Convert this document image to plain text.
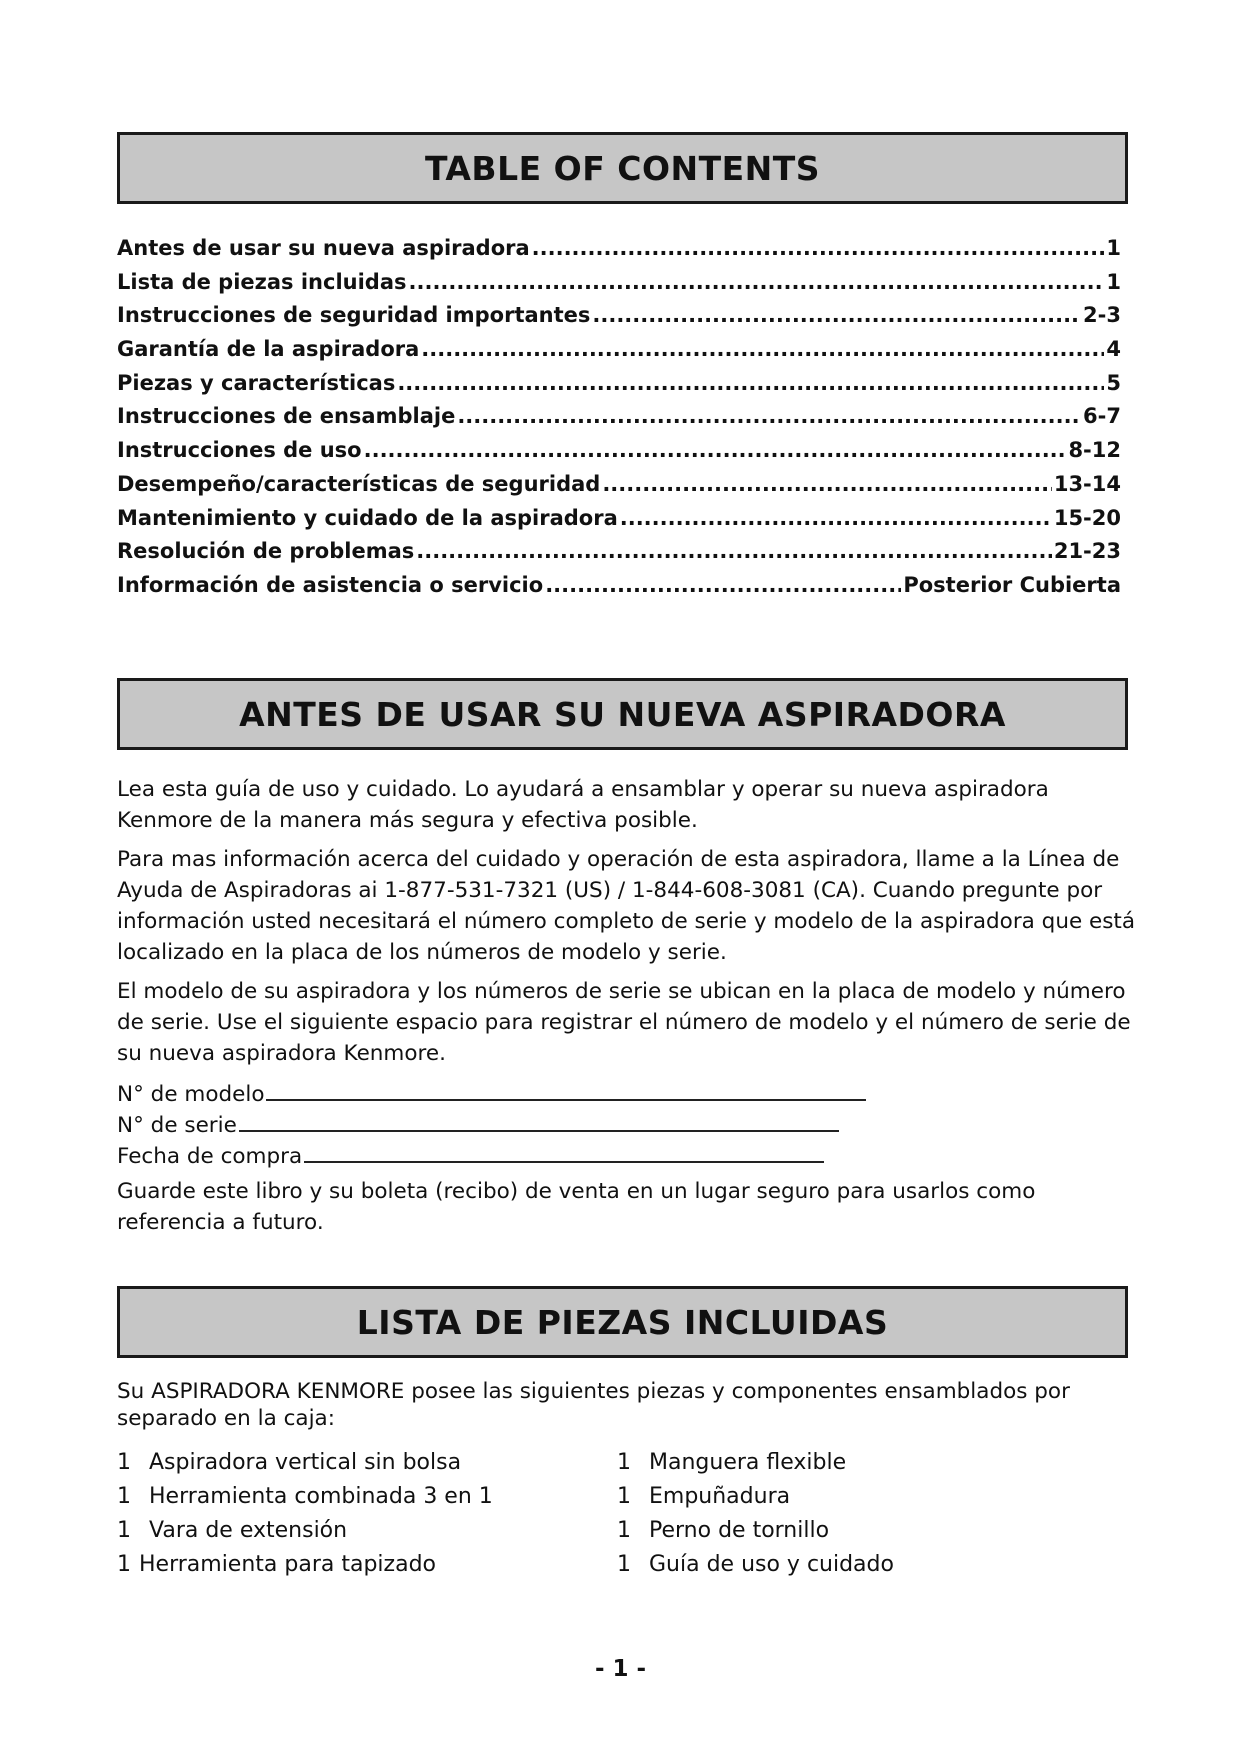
TABLE OF CONTENTS
Antes de usar su nueva aspiradora .....	1
Lista de piezas incluidas .....	1
Instrucciones de seguridad importantes .....	2-3
Garantía de la aspiradora .....	4
Piezas y características .....	5
Instrucciones de ensamblaje .....	6-7
Instrucciones de uso .....	8-12
Desempeño/características de seguridad .....	13-14
Mantenimiento y cuidado de la aspiradora .....	15-20
Resolución de problemas .....	21-23
Información de asistencia o servicio .....	Posterior Cubierta
ANTES DE USAR SU NUEVA ASPIRADORA

Lea esta guía de uso y cuidado. Lo ayudará a ensamblar y operar su nueva aspiradora Kenmore de la manera más segura y efectiva posible.

Para mas información acerca del cuidado y operación de esta aspiradora, llame a la Línea de Ayuda de Aspiradoras ai 1-877-531-7321 (US) / 1-844-608-3081 (CA). Cuando pregunte por información usted necesitará el número completo de serie y modelo de la aspiradora que está localizado en la placa de los números de modelo y serie.

El modelo de su aspiradora y los números de serie se ubican en la placa de modelo y número de serie. Use el siguiente espacio para registrar el número de modelo y el número de serie de su nueva aspiradora Kenmore.

N° de modelo
N° de serie
Fecha de compra

Guarde este libro y su boleta (recibo) de venta en un lugar seguro para usarlos como referencia a futuro.

LISTA DE PIEZAS INCLUIDAS

Su ASPIRADORA KENMORE posee las siguientes piezas y componentes ensamblados por separado en la caja:

1 Aspiradora vertical sin bolsa	1 Manguera flexible
1 Herramienta combinada 3 en 1	1 Empuñadura
1 Vara de extensión	1 Perno de tornillo
1 Herramienta para tapizado	1 Guía de uso y cuidado
- 1 -
